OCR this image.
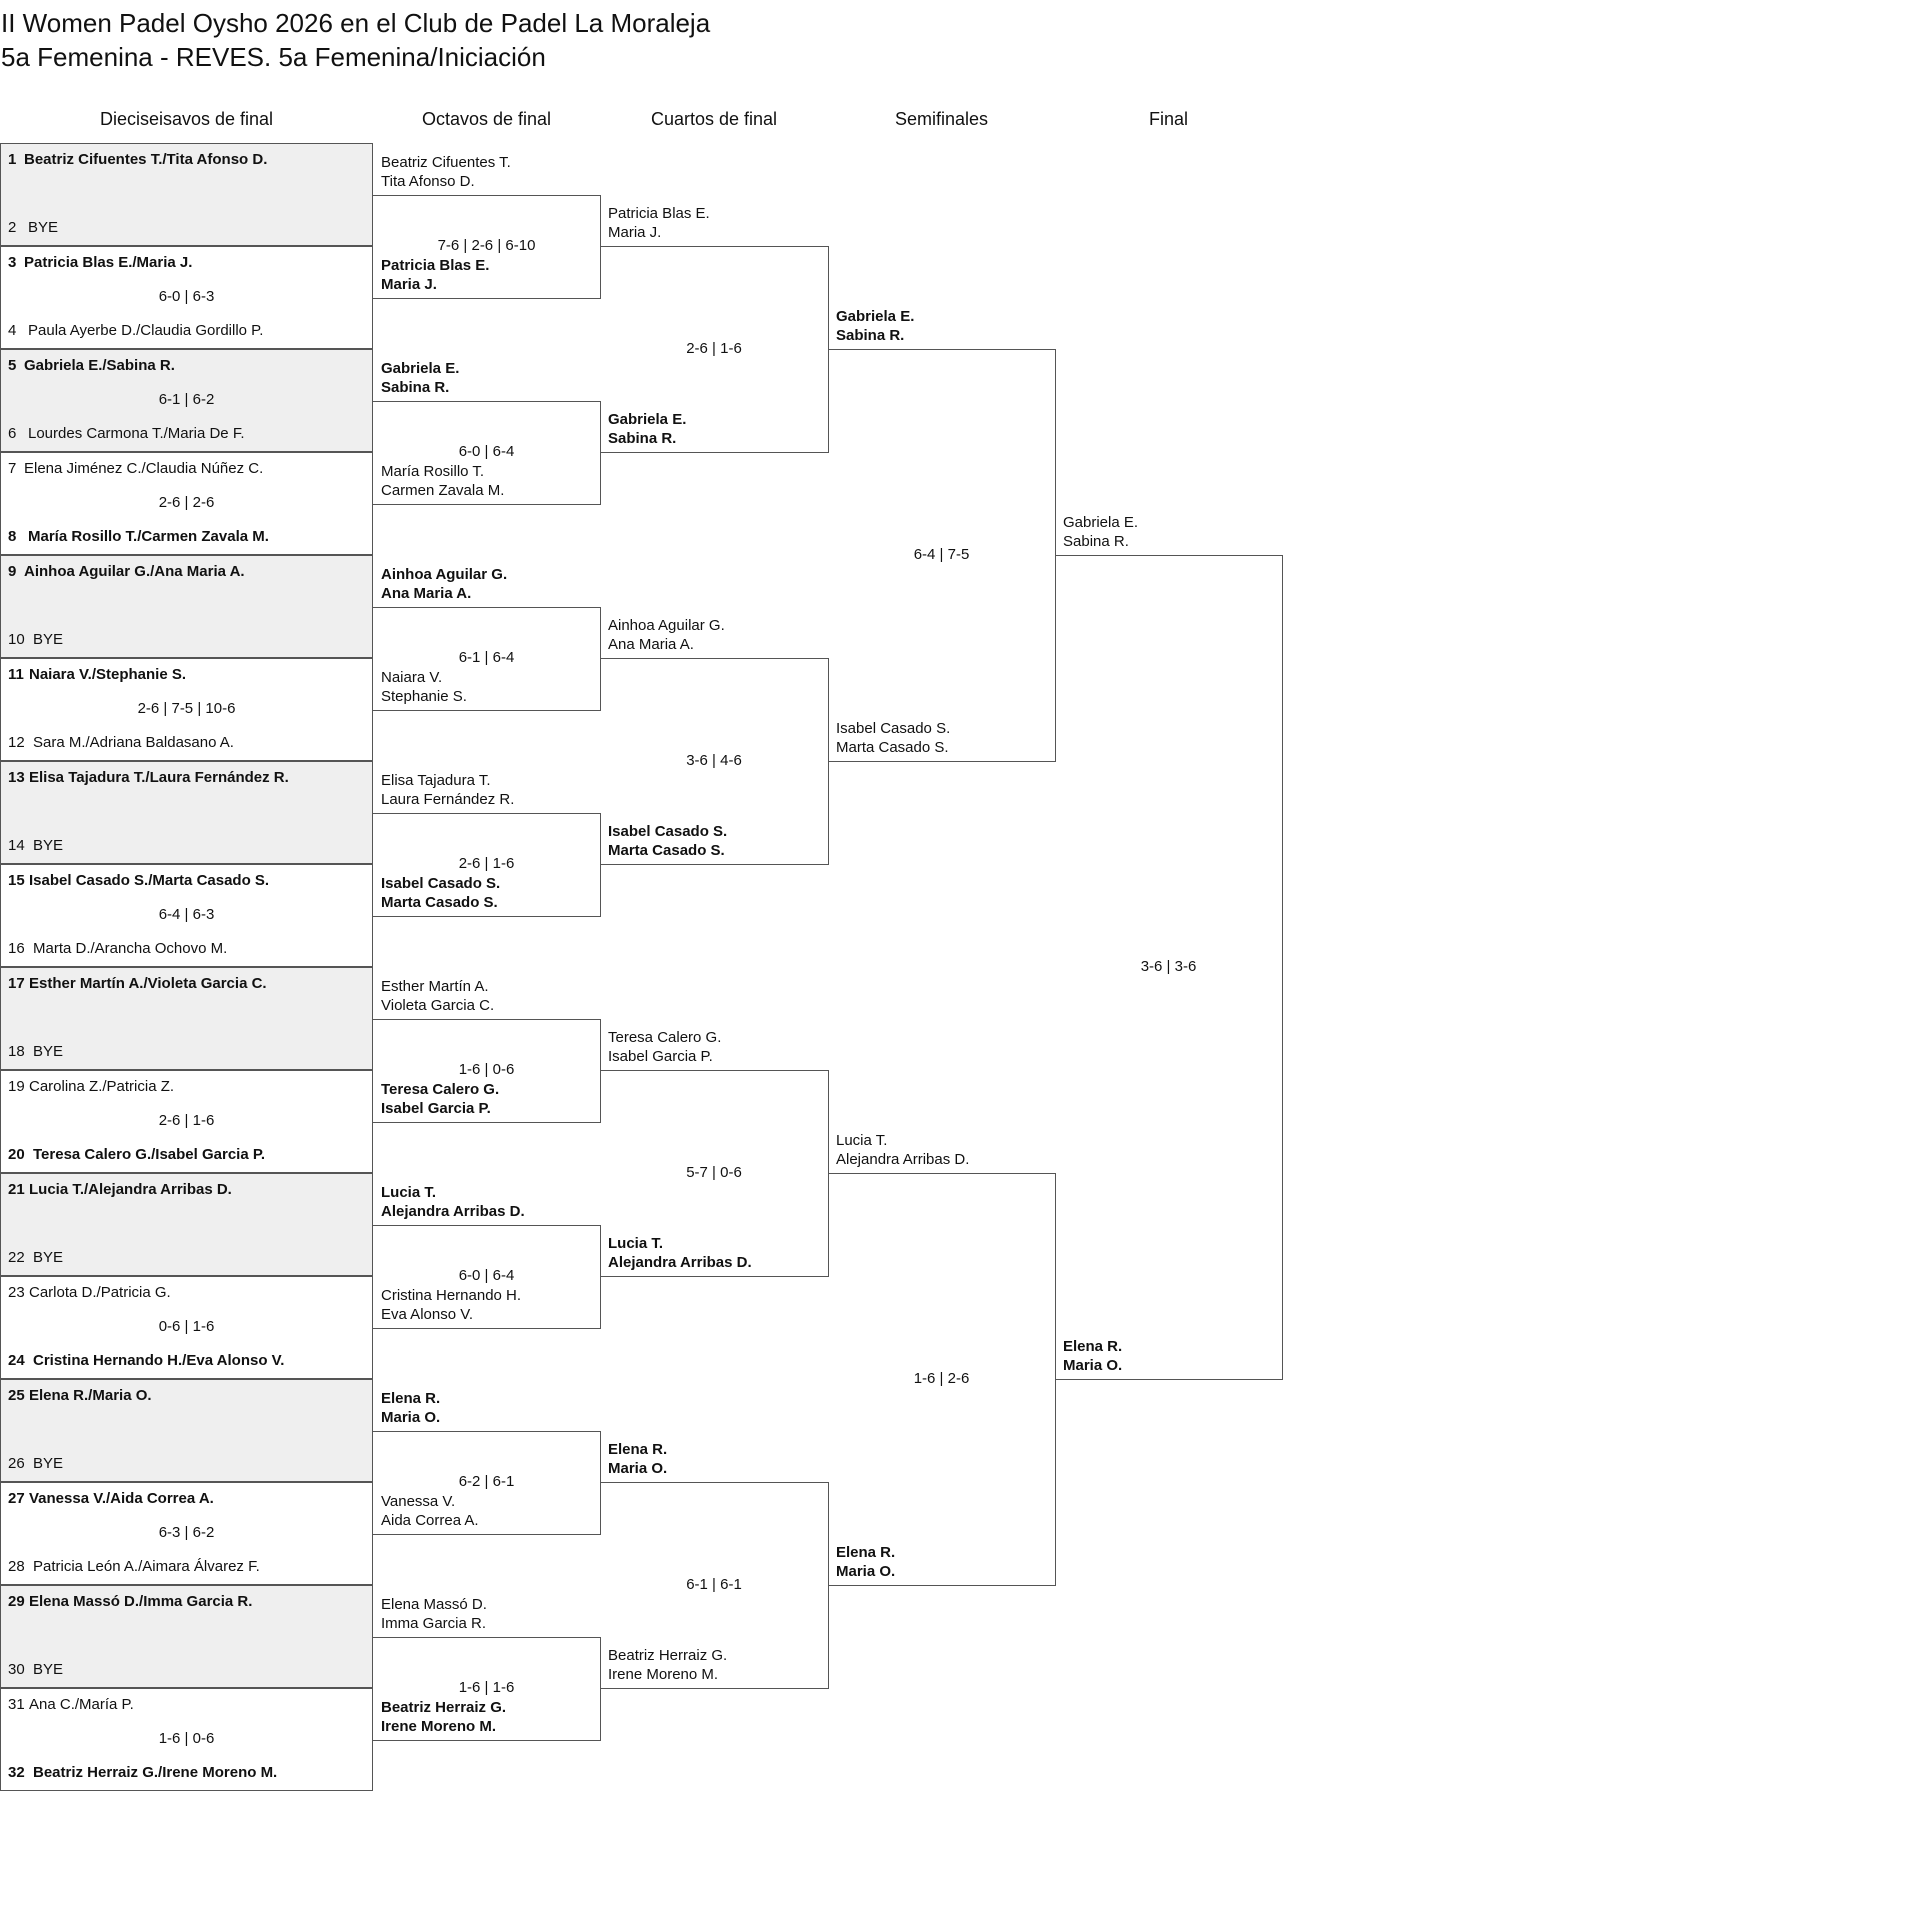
II Women Padel Oysho 2026 en el Club de Padel La Moraleja
5a Femenina - REVES. 5a Femenina/Iniciación
Dieciseisavos de final	Octavos de final	Cuartos de final	Semifinales	Final
1 Beatriz Cifuentes T./Tita Afonso D.
2 BYE
3 Patricia Blas E./Maria J.
4 Paula Ayerbe D./Claudia Gordillo P.
6-0 | 6-3
5 Gabriela E./Sabina R.
6 Lourdes Carmona T./Maria De F.
6-1 | 6-2
7 Elena Jiménez C./Claudia Núñez C.
8 María Rosillo T./Carmen Zavala M.
2-6 | 2-6
9 Ainhoa Aguilar G./Ana Maria A.
10 BYE
11 Naiara V./Stephanie S.
12 Sara M./Adriana Baldasano A.
2-6 | 7-5 | 10-6
13 Elisa Tajadura T./Laura Fernández R.
14 BYE
15 Isabel Casado S./Marta Casado S.
16 Marta D./Arancha Ochovo M.
6-4 | 6-3
17 Esther Martín A./Violeta Garcia C.
18 BYE
19 Carolina Z./Patricia Z.
20 Teresa Calero G./Isabel Garcia P.
2-6 | 1-6
21 Lucia T./Alejandra Arribas D.
22 BYE
23 Carlota D./Patricia G.
24 Cristina Hernando H./Eva Alonso V.
0-6 | 1-6
25 Elena R./Maria O.
26 BYE
27 Vanessa V./Aida Correa A.
28 Patricia León A./Aimara Álvarez F.
6-3 | 6-2
29 Elena Massó D./Imma Garcia R.
30 BYE
31 Ana C./María P.
32 Beatriz Herraiz G./Irene Moreno M.
1-6 | 0-6
Beatriz Cifuentes T.
Tita Afonso D.
Patricia Blas E.
Maria J.
7-6 | 2-6 | 6-10
Gabriela E.
Sabina R.
María Rosillo T.
Carmen Zavala M.
6-0 | 6-4
Ainhoa Aguilar G.
Ana Maria A.
Naiara V.
Stephanie S.
6-1 | 6-4
Elisa Tajadura T.
Laura Fernández R.
Isabel Casado S.
Marta Casado S.
2-6 | 1-6
Esther Martín A.
Violeta Garcia C.
Teresa Calero G.
Isabel Garcia P.
1-6 | 0-6
Lucia T.
Alejandra Arribas D.
Cristina Hernando H.
Eva Alonso V.
6-0 | 6-4
Elena R.
Maria O.
Vanessa V.
Aida Correa A.
6-2 | 6-1
Elena Massó D.
Imma Garcia R.
Beatriz Herraiz G.
Irene Moreno M.
1-6 | 1-6
Patricia Blas E.
Maria J.
Gabriela E.
Sabina R.
2-6 | 1-6
Ainhoa Aguilar G.
Ana Maria A.
Isabel Casado S.
Marta Casado S.
3-6 | 4-6
Teresa Calero G.
Isabel Garcia P.
Lucia T.
Alejandra Arribas D.
5-7 | 0-6
Elena R.
Maria O.
Beatriz Herraiz G.
Irene Moreno M.
6-1 | 6-1
Gabriela E.
Sabina R.
Isabel Casado S.
Marta Casado S.
6-4 | 7-5
Lucia T.
Alejandra Arribas D.
Elena R.
Maria O.
1-6 | 2-6
Gabriela E.
Sabina R.
Elena R.
Maria O.
3-6 | 3-6
